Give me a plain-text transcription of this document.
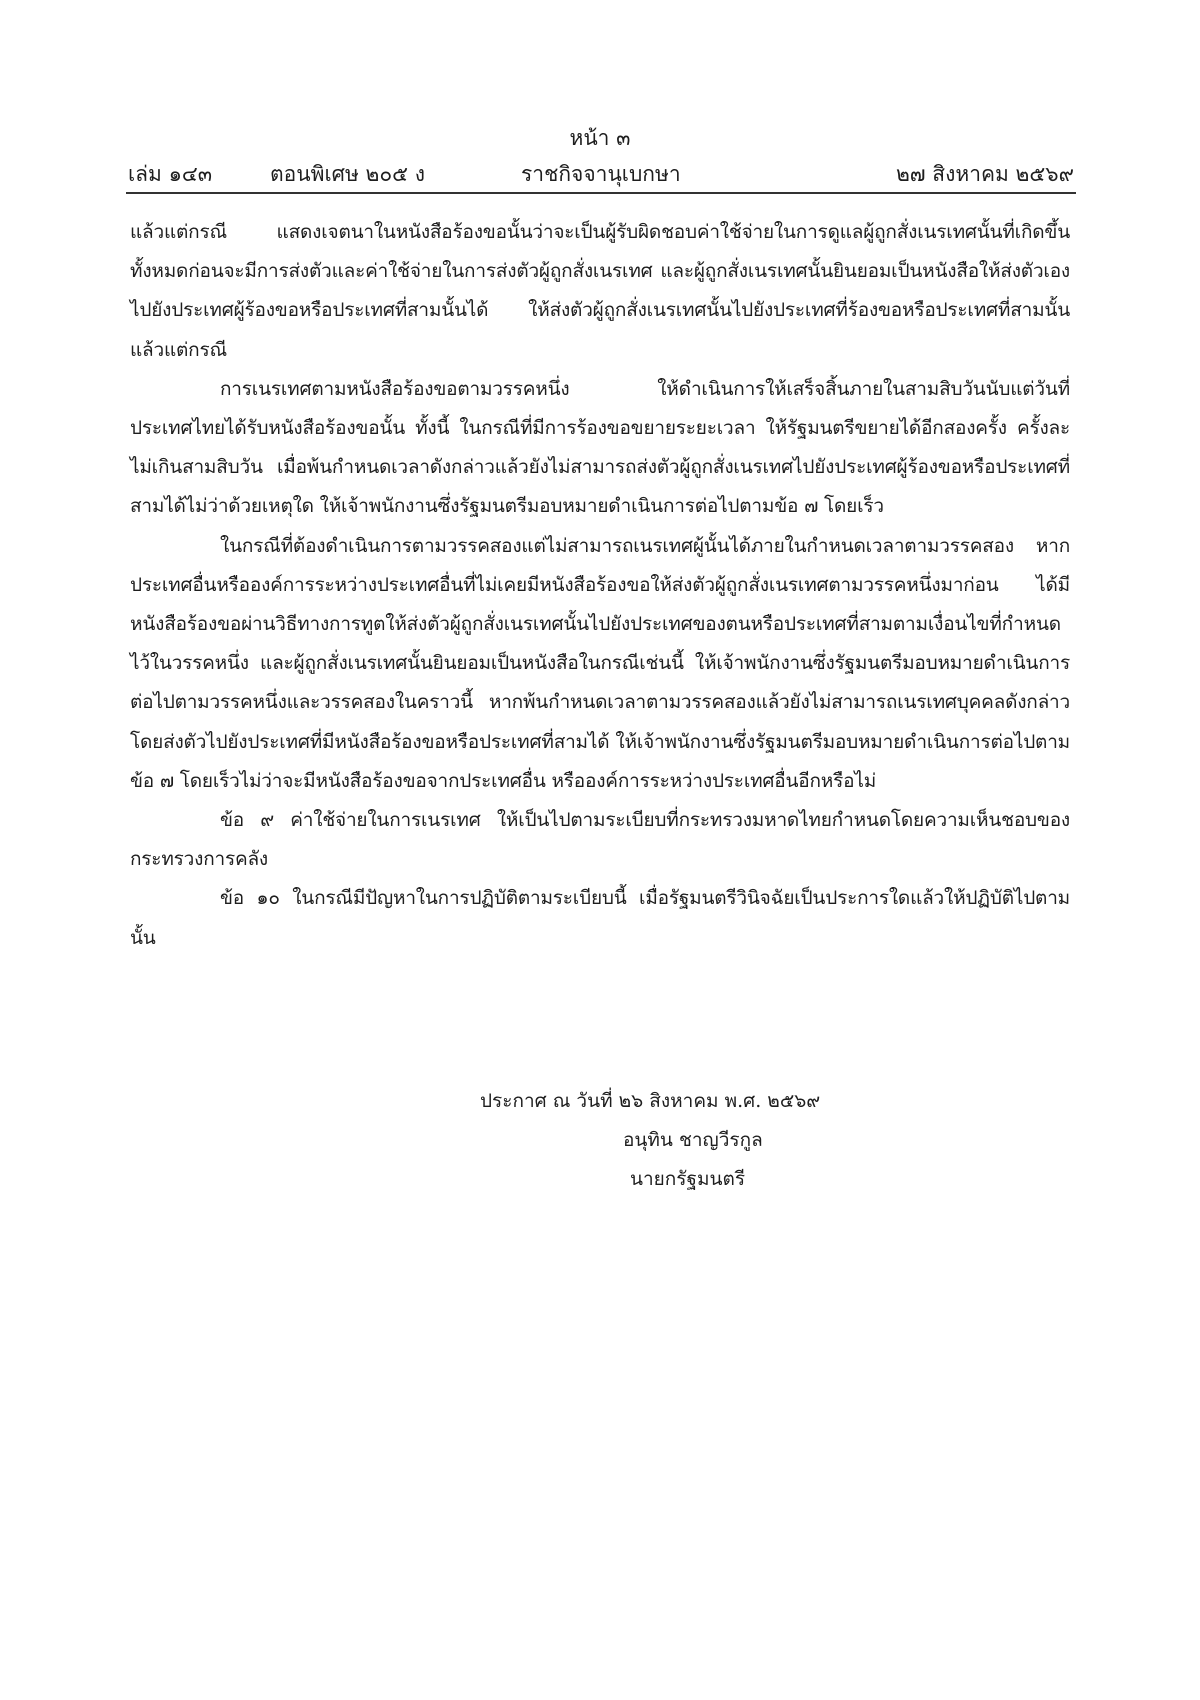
หน้า ๓
เล่ม ๑๔๓	ตอนพิเศษ ๒๐๕ ง	ราชกิจจานุเบกษา	๒๗ สิงหาคม ๒๕๖๙

แล้วแต่กรณี แสดงเจตนาในหนังสือร้องขอนั้นว่าจะเป็นผู้รับผิดชอบค่าใช้จ่ายในการดูแลผู้ถูกสั่งเนรเทศนั้นที่เกิดขึ้นทั้งหมดก่อนจะมีการส่งตัวและค่าใช้จ่ายในการส่งตัวผู้ถูกสั่งเนรเทศ และผู้ถูกสั่งเนรเทศนั้นยินยอมเป็นหนังสือให้ส่งตัวเองไปยังประเทศผู้ร้องขอหรือประเทศที่สามนั้นได้ ให้ส่งตัวผู้ถูกสั่งเนรเทศนั้นไปยังประเทศที่ร้องขอหรือประเทศที่สามนั้น แล้วแต่กรณี

การเนรเทศตามหนังสือร้องขอตามวรรคหนึ่ง ให้ดำเนินการให้เสร็จสิ้นภายในสามสิบวันนับแต่วันที่ประเทศไทยได้รับหนังสือร้องขอนั้น ทั้งนี้ ในกรณีที่มีการร้องขอขยายระยะเวลา ให้รัฐมนตรีขยายได้อีกสองครั้ง ครั้งละไม่เกินสามสิบวัน เมื่อพ้นกำหนดเวลาดังกล่าวแล้วยังไม่สามารถส่งตัวผู้ถูกสั่งเนรเทศไปยังประเทศผู้ร้องขอหรือประเทศที่สามได้ไม่ว่าด้วยเหตุใด ให้เจ้าพนักงานซึ่งรัฐมนตรีมอบหมายดำเนินการต่อไปตามข้อ ๗ โดยเร็ว

ในกรณีที่ต้องดำเนินการตามวรรคสองแต่ไม่สามารถเนรเทศผู้นั้นได้ภายในกำหนดเวลาตามวรรคสอง หากประเทศอื่นหรือองค์การระหว่างประเทศอื่นที่ไม่เคยมีหนังสือร้องขอให้ส่งตัวผู้ถูกสั่งเนรเทศตามวรรคหนึ่งมาก่อน ได้มีหนังสือร้องขอผ่านวิธีทางการทูตให้ส่งตัวผู้ถูกสั่งเนรเทศนั้นไปยังประเทศของตนหรือประเทศที่สามตามเงื่อนไขที่กำหนดไว้ในวรรคหนึ่ง และผู้ถูกสั่งเนรเทศนั้นยินยอมเป็นหนังสือในกรณีเช่นนี้ ให้เจ้าพนักงานซึ่งรัฐมนตรีมอบหมายดำเนินการต่อไปตามวรรคหนึ่งและวรรคสองในคราวนี้ หากพ้นกำหนดเวลาตามวรรคสองแล้วยังไม่สามารถเนรเทศบุคคลดังกล่าวโดยส่งตัวไปยังประเทศที่มีหนังสือร้องขอหรือประเทศที่สามได้ ให้เจ้าพนักงานซึ่งรัฐมนตรีมอบหมายดำเนินการต่อไปตามข้อ ๗ โดยเร็วไม่ว่าจะมีหนังสือร้องขอจากประเทศอื่น หรือองค์การระหว่างประเทศอื่นอีกหรือไม่

ข้อ ๙ ค่าใช้จ่ายในการเนรเทศ ให้เป็นไปตามระเบียบที่กระทรวงมหาดไทยกำหนดโดยความเห็นชอบของกระทรวงการคลัง

ข้อ ๑๐ ในกรณีมีปัญหาในการปฏิบัติตามระเบียบนี้ เมื่อรัฐมนตรีวินิจฉัยเป็นประการใดแล้วให้ปฏิบัติไปตามนั้น

ประกาศ ณ วันที่ ๒๖ สิงหาคม พ.ศ. ๒๕๖๙
อนุทิน ชาญวีรกูล
นายกรัฐมนตรี
